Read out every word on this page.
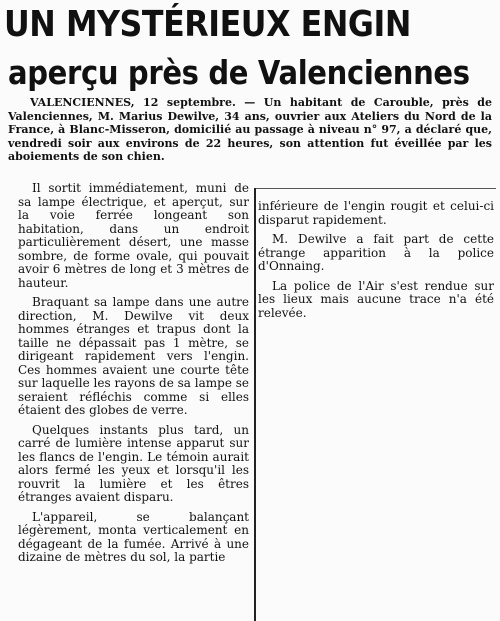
UN MYSTÉRIEUX ENGIN
aperçu près de Valenciennes
VALENCIENNES, 12 septembre. — Un habitant de Carouble, près de Valenciennes, M. Marius Dewilve, 34 ans, ouvrier aux Ateliers du Nord de la France, à Blanc-Misseron, domicilié au passage à niveau n° 97, a déclaré que, vendredi soir aux environs de 22 heures, son attention fut éveillée par les aboiements de son chien.

Il sortit immédiatement, muni de sa lampe électrique, et aperçut, sur la voie ferrée longeant son habitation, dans un endroit particulièrement désert, une masse sombre, de forme ovale, qui pouvait avoir 6 mètres de long et 3 mètres de hauteur.

Braquant sa lampe dans une autre direction, M. Dewilve vit deux hommes étranges et trapus dont la taille ne dépassait pas 1 mètre, se dirigeant rapidement vers l'engin. Ces hommes avaient une courte tête sur laquelle les rayons de sa lampe se seraient réfléchis comme si elles étaient des globes de verre.

Quelques instants plus tard, un carré de lumière intense apparut sur les flancs de l'engin. Le témoin aurait alors fermé les yeux et lorsqu'il les rouvrit la lumière et les êtres étranges avaient disparu.

L'appareil, se balançant légèrement, monta verticalement en dégageant de la fumée. Arrivé à une dizaine de mètres du sol, la partie

inférieure de l'engin rougit et celui-ci disparut rapidement.

M. Dewilve a fait part de cette étrange apparition à la police d'Onnaing.

La police de l'Air s'est rendue sur les lieux mais aucune trace n'a été relevée.
